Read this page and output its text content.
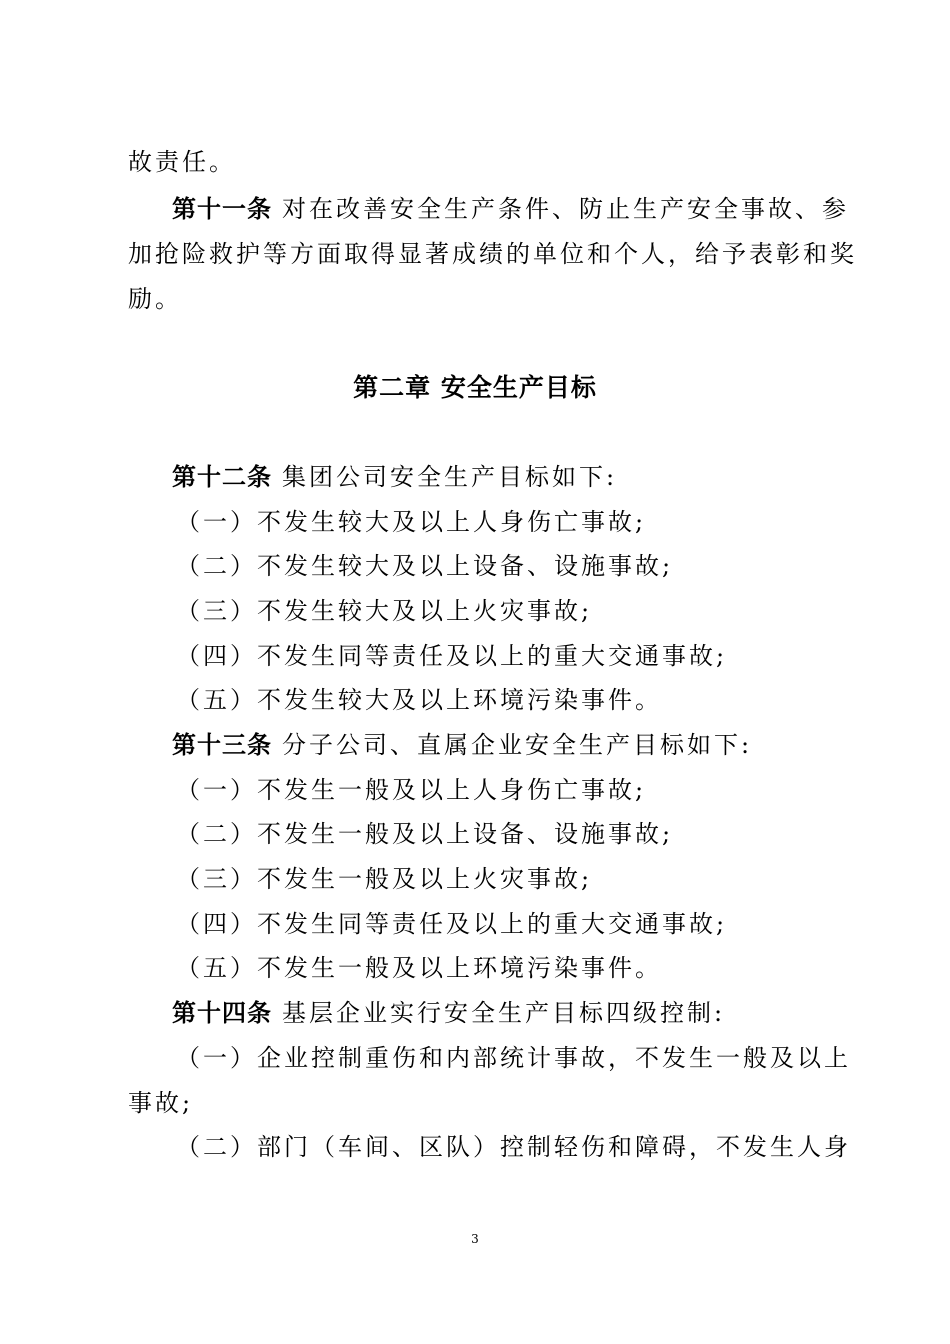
故责任。
第十一条 对在改善安全生产条件、防止生产安全事故、参
加抢险救护等方面取得显著成绩的单位和个人，给予表彰和奖
励。
第二章 安全生产目标
第十二条 集团公司安全生产目标如下:
（一）不发生较大及以上人身伤亡事故;
（二）不发生较大及以上设备、设施事故;
（三）不发生较大及以上火灾事故;
（四）不发生同等责任及以上的重大交通事故;
（五）不发生较大及以上环境污染事件。
第十三条 分子公司、直属企业安全生产目标如下:
（一）不发生一般及以上人身伤亡事故;
（二）不发生一般及以上设备、设施事故;
（三）不发生一般及以上火灾事故;
（四）不发生同等责任及以上的重大交通事故;
（五）不发生一般及以上环境污染事件。
第十四条 基层企业实行安全生产目标四级控制:
（一）企业控制重伤和内部统计事故，不发生一般及以上
事故;
（二）部门（车间、区队）控制轻伤和障碍，不发生人身
3
